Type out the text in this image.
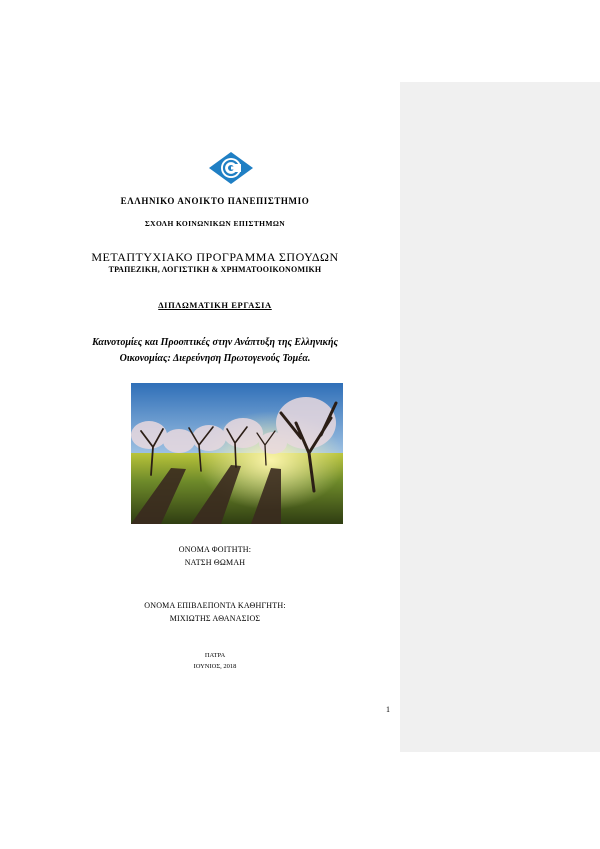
ΕΛΛΗΝΙΚΟ ΑΝΟΙΚΤΟ ΠΑΝΕΠΙΣΤΗΜΙΟ
ΣΧΟΛΗ ΚΟΙΝΩΝΙΚΩΝ ΕΠΙΣΤΗΜΩΝ
ΜΕΤΑΠΤΥΧΙΑΚΟ ΠΡΟΓΡΑΜΜΑ ΣΠΟΥΔΩΝ
ΤΡΑΠΕΖΙΚΗ, ΛΟΓΙΣΤΙΚΗ & ΧΡΗΜΑΤΟΟΙΚΟΝΟΜΙΚΗ
ΔΙΠΛΩΜΑΤΙΚΗ ΕΡΓΑΣΙΑ
Καινοτομίες και Προοπτικές στην Ανάπτυξη της Ελληνικής
Οικονομίας: Διερεύνηση Πρωτογενούς Τομέα.
ΟΝΟΜΑ ΦΟΙΤΗΤΗ:
ΝΑΤΣΗ ΘΩΜΑΗ
ΟΝΟΜΑ ΕΠΙΒΛΕΠΟΝΤΑ ΚΑΘΗΓΗΤΗ:
ΜΙΧΙΩΤΗΣ ΑΘΑΝΑΣΙΟΣ
ΠΑΤΡΑ
ΙΟΥΝΙΟΣ, 2018
1
